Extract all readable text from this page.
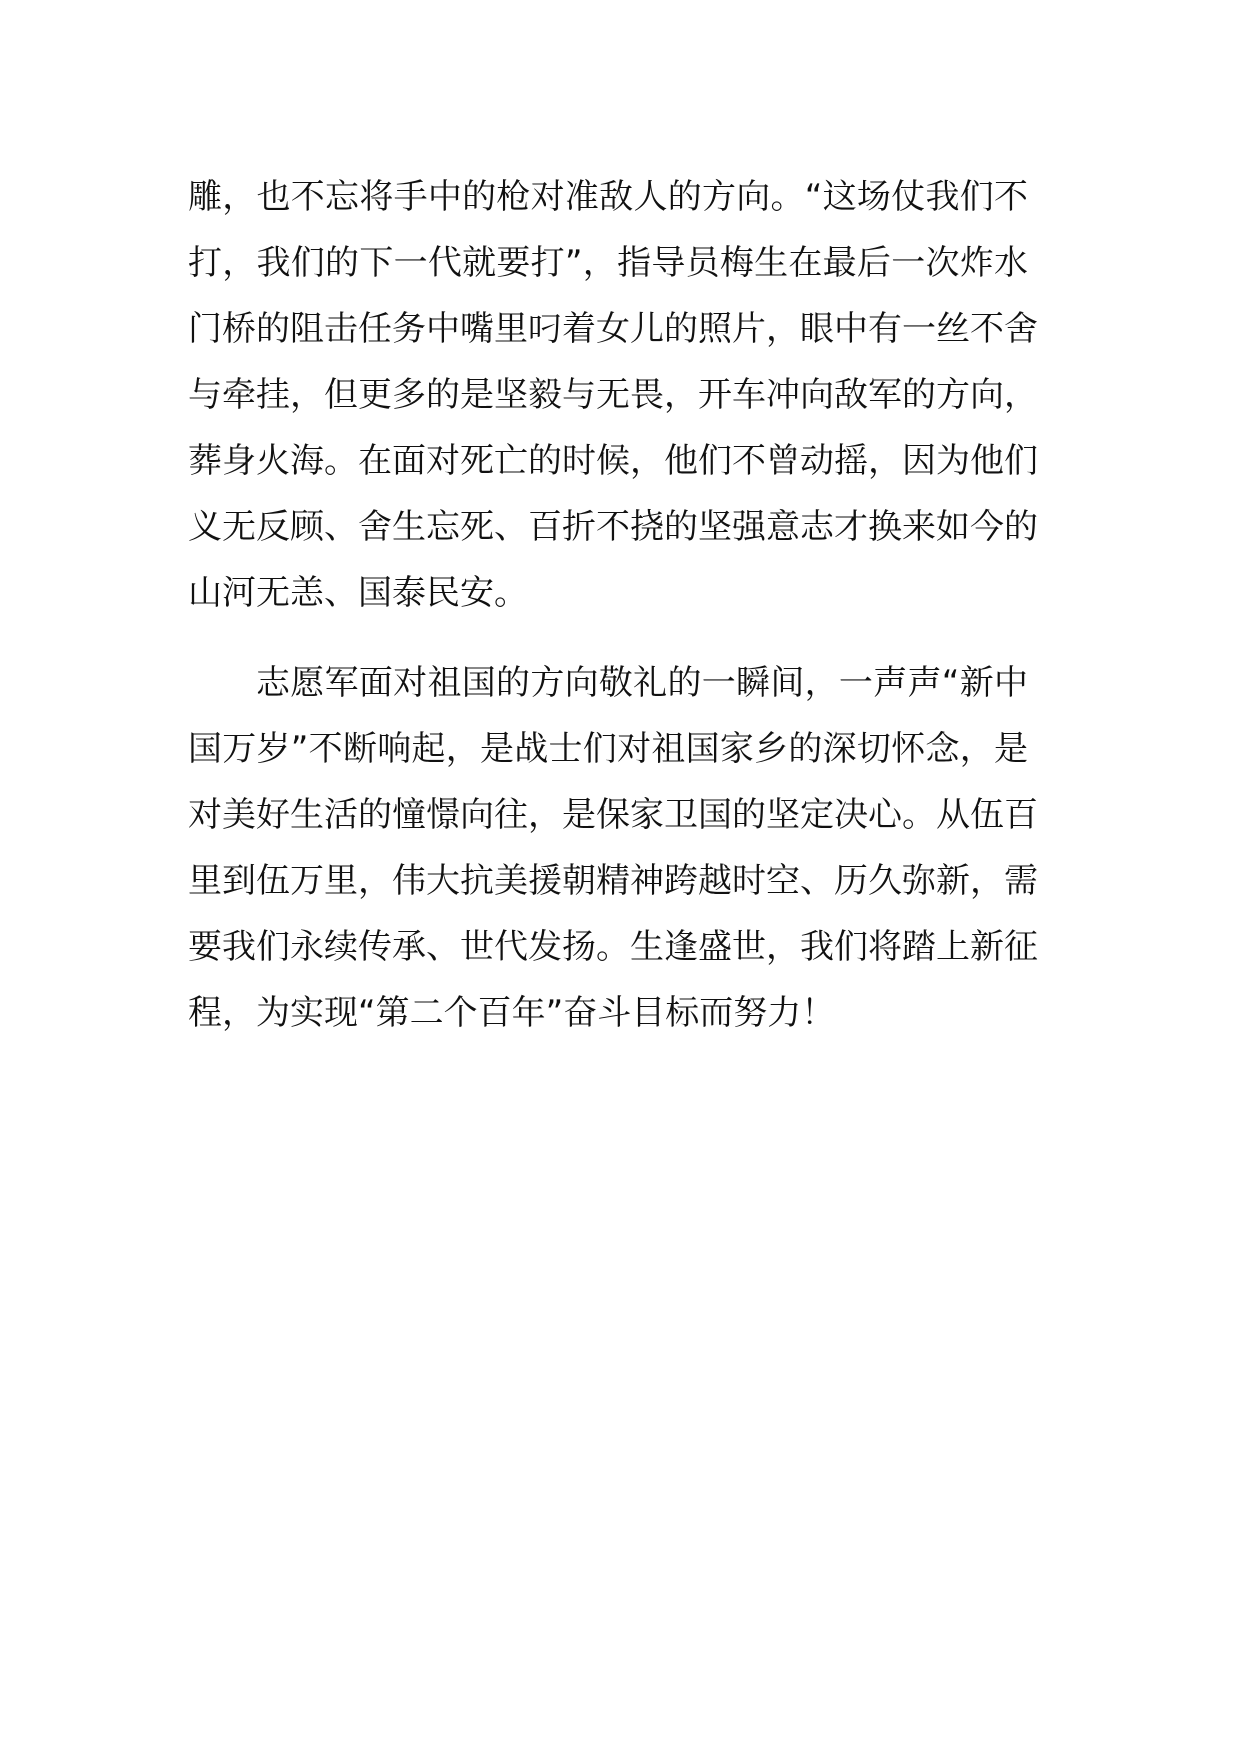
雕，也不忘将手中的枪对准敌人的方向。“这场仗我们不
打，我们的下一代就要打”，指导员梅生在最后一次炸水
门桥的阻击任务中嘴里叼着女儿的照片，眼中有一丝不舍
与牵挂，但更多的是坚毅与无畏，开车冲向敌军的方向，
葬身火海。在面对死亡的时候，他们不曾动摇，因为他们
义无反顾、舍生忘死、百折不挠的坚强意志才换来如今的
山河无恙、国泰民安。
志愿军面对祖国的方向敬礼的一瞬间，一声声“新中
国万岁”不断响起，是战士们对祖国家乡的深切怀念，是
对美好生活的憧憬向往，是保家卫国的坚定决心。从伍百
里到伍万里，伟大抗美援朝精神跨越时空、历久弥新，需
要我们永续传承、世代发扬。生逢盛世，我们将踏上新征
程，为实现“第二个百年”奋斗目标而努力！
